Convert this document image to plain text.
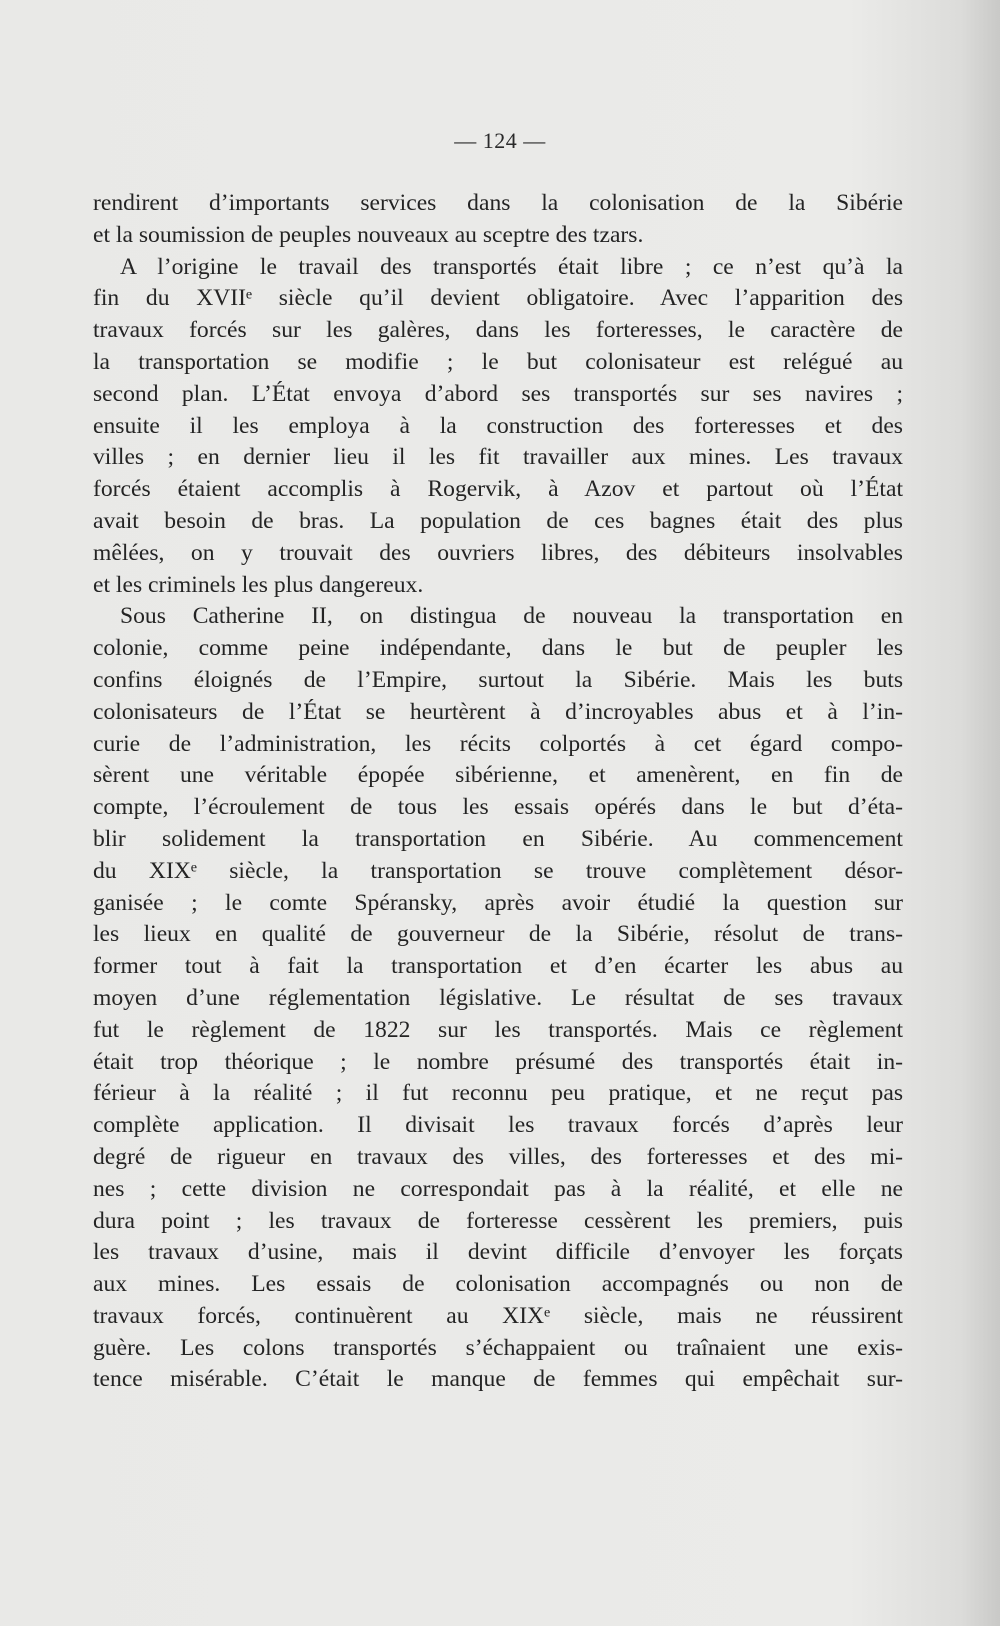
— 124 —
rendirent d’importants services dans la colonisation de la Sibérie
et la soumission de peuples nouveaux au sceptre des tzars.
A l’origine le travail des transportés était libre ; ce n’est qu’à la
fin du XVIIᵉ siècle qu’il devient obligatoire. Avec l’apparition des
travaux forcés sur les galères, dans les forteresses, le caractère de
la transportation se modifie ; le but colonisateur est relégué au
second plan. L’État envoya d’abord ses transportés sur ses navires ;
ensuite il les employa à la construction des forteresses et des
villes ; en dernier lieu il les fit travailler aux mines. Les travaux
forcés étaient accomplis à Rogervik, à Azov et partout où l’État
avait besoin de bras. La population de ces bagnes était des plus
mêlées, on y trouvait des ouvriers libres, des débiteurs insolvables
et les criminels les plus dangereux.
Sous Catherine II, on distingua de nouveau la transportation en
colonie, comme peine indépendante, dans le but de peupler les
confins éloignés de l’Empire, surtout la Sibérie. Mais les buts
colonisateurs de l’État se heurtèrent à d’incroyables abus et à l’in-
curie de l’administration, les récits colportés à cet égard compo-
sèrent une véritable épopée sibérienne, et amenèrent, en fin de
compte, l’écroulement de tous les essais opérés dans le but d’éta-
blir solidement la transportation en Sibérie. Au commencement
du XIXᵉ siècle, la transportation se trouve complètement désor-
ganisée ; le comte Spéransky, après avoir étudié la question sur
les lieux en qualité de gouverneur de la Sibérie, résolut de trans-
former tout à fait la transportation et d’en écarter les abus au
moyen d’une réglementation législative. Le résultat de ses travaux
fut le règlement de 1822 sur les transportés. Mais ce règlement
était trop théorique ; le nombre présumé des transportés était in-
férieur à la réalité ; il fut reconnu peu pratique, et ne reçut pas
complète application. Il divisait les travaux forcés d’après leur
degré de rigueur en travaux des villes, des forteresses et des mi-
nes ; cette division ne correspondait pas à la réalité, et elle ne
dura point ; les travaux de forteresse cessèrent les premiers, puis
les travaux d’usine, mais il devint difficile d’envoyer les forçats
aux mines. Les essais de colonisation accompagnés ou non de
travaux forcés, continuèrent au XIXᵉ siècle, mais ne réussirent
guère. Les colons transportés s’échappaient ou traînaient une exis-
tence misérable. C’était le manque de femmes qui empêchait sur-
